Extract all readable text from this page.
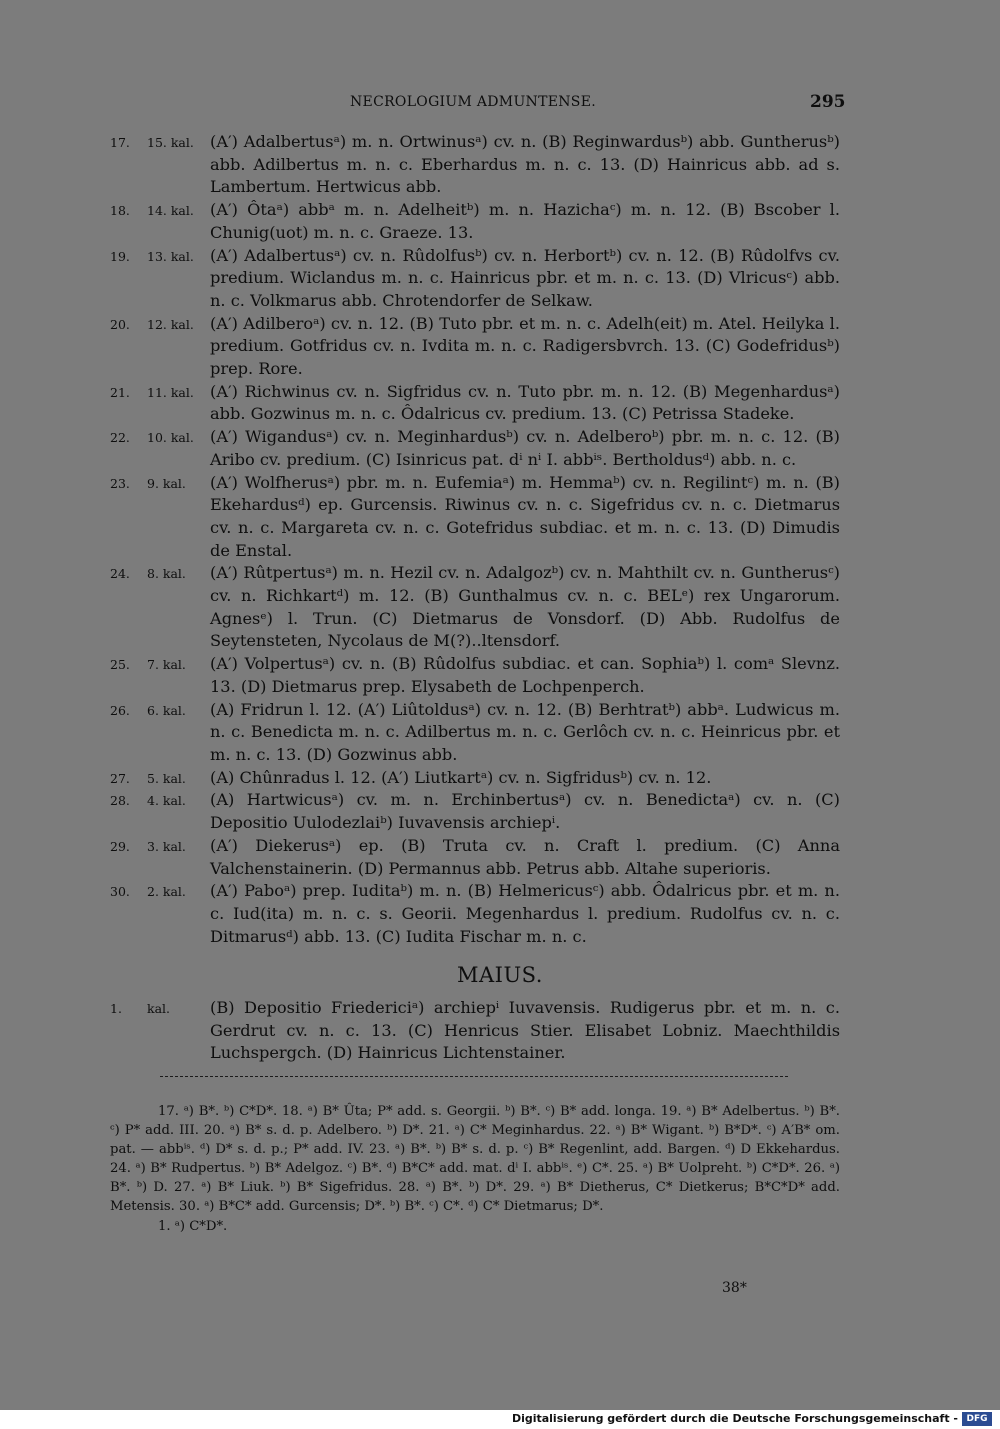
NECROLOGIUM ADMUNTENSE.	295
17.	15. kal. (A′) Adalbertusᵃ) m. n. Ortwinusᵃ) cv. n. (B) Reginwardusᵇ) abb. Guntherusᵇ) abb. Adilbertus m. n. c. Eberhardus m. n. c. 13. (D) Hainricus abb. ad s. Lambertum. Hertwicus abb.
18.	14. kal. (A′) Ôtaᵃ) abbᵃ m. n. Adelheitᵇ) m. n. Hazichaᶜ) m. n. 12. (B) Bscober l. Chunig(uot) m. n. c. Graeze. 13.
19.	13. kal. (A′) Adalbertusᵃ) cv. n. Rûdolfusᵇ) cv. n. Herbortᵇ) cv. n. 12. (B) Rûdolfvs cv. predium. Wiclandus m. n. c. Hainricus pbr. et m. n. c. 13. (D) Vlricusᶜ) abb. n. c. Volkmarus abb. Chrotendorfer de Selkaw.
20.	12. kal. (A′) Adilberoᵃ) cv. n. 12. (B) Tuto pbr. et m. n. c. Adelh(eit) m. Atel. Heilyka l. predium. Gotfridus cv. n. Ivdita m. n. c. Radigersbvrch. 13. (C) Godefridusᵇ) prep. Rore.
21.	11. kal. (A′) Richwinus cv. n. Sigfridus cv. n. Tuto pbr. m. n. 12. (B) Megenhardusᵃ) abb. Gozwinus m. n. c. Ôdalricus cv. predium. 13. (C) Petrissa Stadeke.
22.	10. kal. (A′) Wigandusᵃ) cv. n. Meginhardusᵇ) cv. n. Adelberoᵇ) pbr. m. n. c. 12. (B) Aribo cv. predium. (C) Isinricus pat. dⁱ nⁱ I. abbⁱˢ. Bertholdusᵈ) abb. n. c.
23.	9. kal.	(A′) Wolfherusᵃ) pbr. m. n. Eufemiaᵃ) m. Hemmaᵇ) cv. n. Regilintᶜ) m. n. (B) Ekehardusᵈ) ep. Gurcensis. Riwinus cv. n. c. Sigefridus cv. n. c. Dietmarus cv. n. c. Margareta cv. n. c. Gotefridus subdiac. et m. n. c. 13. (D) Dimudis de Enstal.
24.	8. kal.	(A′) Rûtpertusᵃ) m. n. Hezil cv. n. Adalgozᵇ) cv. n. Mahthilt cv. n. Guntherusᶜ) cv. n. Richkartᵈ) m. 12. (B) Gunthalmus cv. n. c. BELᵉ) rex Ungarorum. Agnesᵉ) l. Trun. (C) Dietmarus de Vonsdorf. (D) Abb. Rudolfus de Seytensteten, Nycolaus de M(?)..ltensdorf.
25.	7. kal.	(A′) Volpertusᵃ) cv. n. (B) Rûdolfus subdiac. et can. Sophiaᵇ) l. comᵃ Slevnz. 13. (D) Dietmarus prep. Elysabeth de Lochpenperch.
26.	6. kal.	(A) Fridrun l. 12. (A′) Liûtoldusᵃ) cv. n. 12. (B) Berhtratᵇ) abbᵃ. Ludwicus m. n. c. Benedicta m. n. c. Adilbertus m. n. c. Gerlôch cv. n. c. Heinricus pbr. et m. n. c. 13. (D) Gozwinus abb.
27.	5. kal.	(A) Chûnradus l. 12. (A′) Liutkartᵃ) cv. n. Sigfridusᵇ) cv. n. 12.
28.	4. kal.	(A) Hartwicusᵃ) cv. m. n. Erchinbertusᵃ) cv. n. Benedictaᵃ) cv. n. (C) Depositio Uulodezlaiᵇ) Iuvavensis archiepⁱ.
29.	3. kal.	(A′) Diekerusᵃ) ep. (B) Truta cv. n. Craft l. predium. (C) Anna Valchenstainerin. (D) Permannus abb. Petrus abb. Altahe superioris.
30.	2. kal.	(A′) Paboᵃ) prep. Iuditaᵇ) m. n. (B) Helmericusᶜ) abb. Ôdalricus pbr. et m. n. c. Iud(ita) m. n. c. s. Georii. Megenhardus l. predium. Rudolfus cv. n. c. Ditmarusᵈ) abb. 13. (C) Iudita Fischar m. n. c.
MAIUS.
1.	kal.	(B) Depositio Friedericiᵃ) archiepⁱ Iuvavensis. Rudigerus pbr. et m. n. c. Gerdrut cv. n. c. 13. (C) Henricus Stier. Elisabet Lobniz. Maechthildis Luchspergch. (D) Hainricus Lichtenstainer.

17. ᵃ) B*. ᵇ) C*D*. 18. ᵃ) B* Ûta; P* add. s. Georgii. ᵇ) B*. ᶜ) B* add. longa. 19. ᵃ) B* Adelbertus. ᵇ) B*. ᶜ) P* add. III. 20. ᵃ) B* s. d. p. Adelbero. ᵇ) D*. 21. ᵃ) C* Meginhardus. 22. ᵃ) B* Wigant. ᵇ) B*D*. ᶜ) A′B* om. pat. — abbⁱˢ. ᵈ) D* s. d. p.; P* add. IV. 23. ᵃ) B*. ᵇ) B* s. d. p. ᶜ) B* Regenlint, add. Bargen. ᵈ) D Ekkehardus. 24. ᵃ) B* Rudpertus. ᵇ) B* Adelgoz. ᶜ) B*. ᵈ) B*C* add. mat. dⁱ I. abbⁱˢ. ᵉ) C*. 25. ᵃ) B* Uolpreht. ᵇ) C*D*. 26. ᵃ) B*. ᵇ) D. 27. ᵃ) B* Liuk. ᵇ) B* Sigefridus. 28. ᵃ) B*. ᵇ) D*. 29. ᵃ) B* Dietherus, C* Dietkerus; B*C*D* add. Metensis. 30. ᵃ) B*C* add. Gurcensis; D*. ᵇ) B*. ᶜ) C*. ᵈ) C* Dietmarus; D*.

1. ᵃ) C*D*.

38*
Digitalisierung gefördert durch die Deutsche Forschungsgemeinschaft - DFG
